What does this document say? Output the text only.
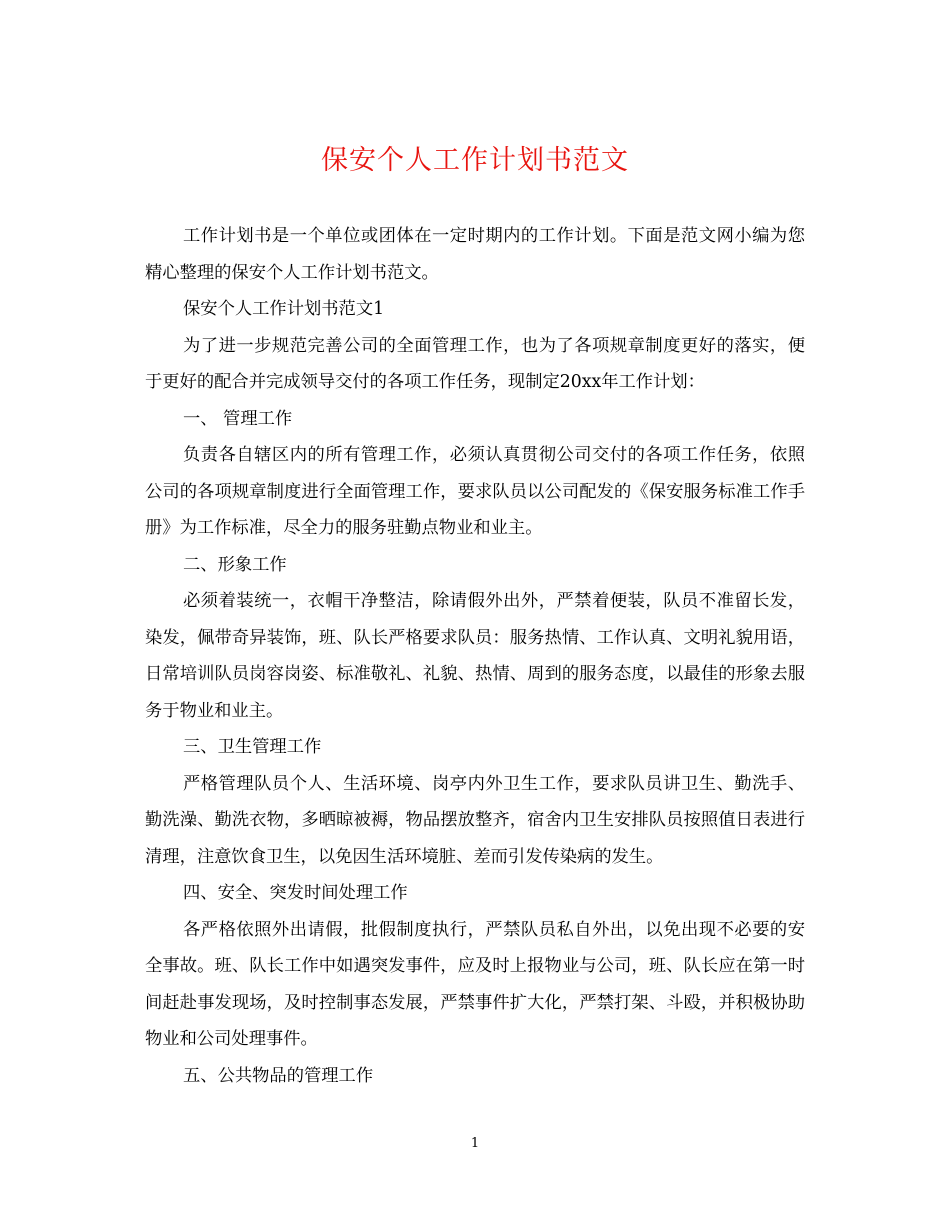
保安个人工作计划书范文

工作计划书是一个单位或团体在一定时期内的工作计划。下面是范文网小编为您精心整理的保安个人工作计划书范文。

保安个人工作计划书范文1

为了进一步规范完善公司的全面管理工作，也为了各项规章制度更好的落实，便于更好的配合并完成领导交付的各项工作任务，现制定20xx年工作计划：

一、 管理工作

负责各自辖区内的所有管理工作，必须认真贯彻公司交付的各项工作任务，依照公司的各项规章制度进行全面管理工作，要求队员以公司配发的《保安服务标准工作手册》为工作标准，尽全力的服务驻勤点物业和业主。

二、形象工作

必须着装统一，衣帽干净整洁，除请假外出外，严禁着便装，队员不准留长发，染发，佩带奇异装饰，班、队长严格要求队员：服务热情、工作认真、文明礼貌用语，日常培训队员岗容岗姿、标准敬礼、礼貌、热情、周到的服务态度，以最佳的形象去服务于物业和业主。

三、卫生管理工作

严格管理队员个人、生活环境、岗亭内外卫生工作，要求队员讲卫生、勤洗手、勤洗澡、勤洗衣物，多晒晾被褥，物品摆放整齐，宿舍内卫生安排队员按照值日表进行清理，注意饮食卫生，以免因生活环境脏、差而引发传染病的发生。

四、安全、突发时间处理工作

各严格依照外出请假，批假制度执行，严禁队员私自外出，以免出现不必要的安全事故。班、队长工作中如遇突发事件，应及时上报物业与公司，班、队长应在第一时间赶赴事发现场，及时控制事态发展，严禁事件扩大化，严禁打架、斗殴，并积极协助物业和公司处理事件。

五、公共物品的管理工作

1
